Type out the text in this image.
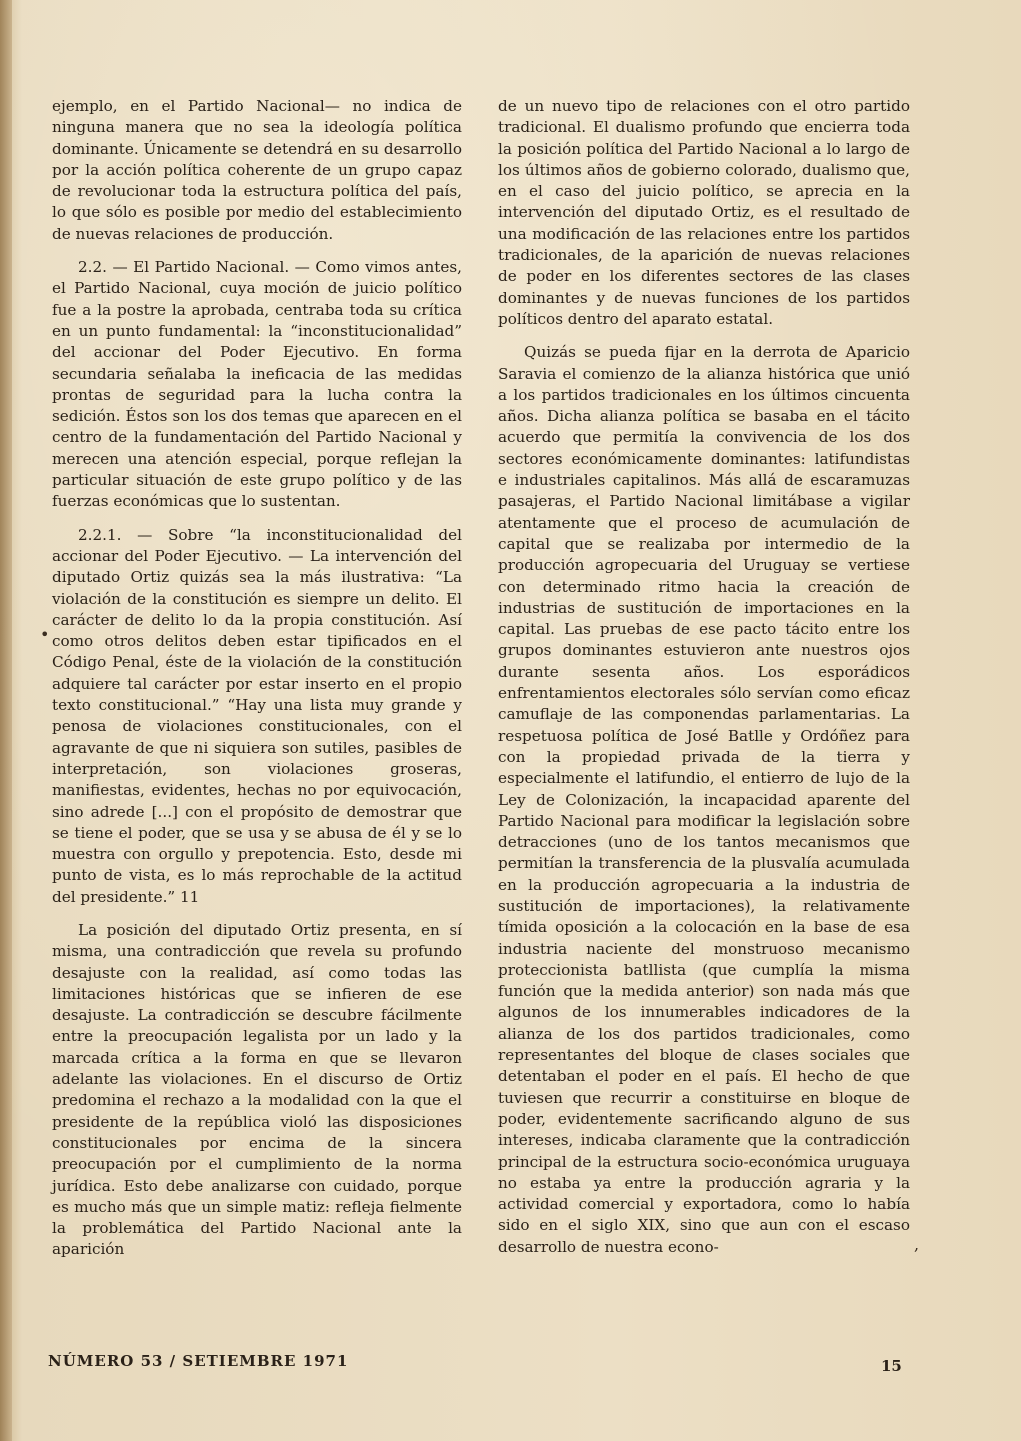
ejemplo, en el Partido Nacional— no indica de ninguna manera que no sea la ideología política dominante. Únicamente se detendrá en su desarrollo por la acción política coherente de un grupo capaz de revolucionar toda la estructura política del país, lo que sólo es posible por medio del establecimiento de nuevas relaciones de producción.

2.2. — El Partido Nacional. — Como vimos antes, el Partido Nacional, cuya moción de juicio político fue a la postre la aprobada, centraba toda su crítica en un punto fundamental: la “inconstitucionalidad” del accionar del Poder Ejecutivo. En forma secundaria señalaba la ineficacia de las medidas prontas de seguridad para la lucha contra la sedición. Éstos son los dos temas que aparecen en el centro de la fundamentación del Partido Nacional y merecen una atención especial, porque reflejan la particular situación de este grupo político y de las fuerzas económicas que lo sustentan.

2.2.1. — Sobre “la inconstitucionalidad del accionar del Poder Ejecutivo. — La intervención del diputado Ortiz quizás sea la más ilustrativa: “La violación de la constitución es siempre un delito. El carácter de delito lo da la propia constitución. Así como otros delitos deben estar tipificados en el Código Penal, éste de la violación de la constitución adquiere tal carácter por estar inserto en el propio texto constitucional.” “Hay una lista muy grande y penosa de violaciones constitucionales, con el agravante de que ni siquiera son sutiles, pasibles de interpretación, son violaciones groseras, manifiestas, evidentes, hechas no por equivocación, sino adrede [...] con el propósito de demostrar que se tiene el poder, que se usa y se abusa de él y se lo muestra con orgullo y prepotencia. Esto, desde mi punto de vista, es lo más reprochable de la actitud del presidente.” 11

La posición del diputado Ortiz presenta, en sí misma, una contradicción que revela su profundo desajuste con la realidad, así como todas las limitaciones históricas que se infieren de ese desajuste. La contradicción se descubre fácilmente entre la preocupación legalista por un lado y la marcada crítica a la forma en que se llevaron adelante las violaciones. En el discurso de Ortiz predomina el rechazo a la modalidad con la que el presidente de la república violó las disposiciones constitucionales por encima de la sincera preocupación por el cumplimiento de la norma jurídica. Esto debe analizarse con cuidado, porque es mucho más que un simple matiz: refleja fielmente la problemática del Partido Nacional ante la aparición

de un nuevo tipo de relaciones con el otro partido tradicional. El dualismo profundo que encierra toda la posición política del Partido Nacional a lo largo de los últimos años de gobierno colorado, dualismo que, en el caso del juicio político, se aprecia en la intervención del diputado Ortiz, es el resultado de una modificación de las relaciones entre los partidos tradicionales, de la aparición de nuevas relaciones de poder en los diferentes sectores de las clases dominantes y de nuevas funciones de los partidos políticos dentro del aparato estatal.

Quizás se pueda fijar en la derrota de Aparicio Saravia el comienzo de la alianza histórica que unió a los partidos tradicionales en los últimos cincuenta años. Dicha alianza política se basaba en el tácito acuerdo que permitía la convivencia de los dos sectores económicamente dominantes: latifundistas e industriales capitalinos. Más allá de escaramuzas pasajeras, el Partido Nacional limitábase a vigilar atentamente que el proceso de acumulación de capital que se realizaba por intermedio de la producción agropecuaria del Uruguay se vertiese con determinado ritmo hacia la creación de industrias de sustitución de importaciones en la capital. Las pruebas de ese pacto tácito entre los grupos dominantes estuvieron ante nuestros ojos durante sesenta años. Los esporádicos enfrentamientos electorales sólo servían como eficaz camuflaje de las componendas parlamentarias. La respetuosa política de José Batlle y Ordóñez para con la propiedad privada de la tierra y especialmente el latifundio, el entierro de lujo de la Ley de Colonización, la incapacidad aparente del Partido Nacional para modificar la legislación sobre detracciones (uno de los tantos mecanismos que permitían la transferencia de la plusvalía acumulada en la producción agropecuaria a la industria de sustitución de importaciones), la relativamente tímida oposición a la colocación en la base de esa industria naciente del monstruoso mecanismo proteccionista batllista (que cumplía la misma función que la medida anterior) son nada más que algunos de los innumerables indicadores de la alianza de los dos partidos tradicionales, como representantes del bloque de clases sociales que detentaban el poder en el país. El hecho de que tuviesen que recurrir a constituirse en bloque de poder, evidentemente sacrificando alguno de sus intereses, indicaba claramente que la contradicción principal de la estructura socio-económica uruguaya no estaba ya entre la producción agraria y la actividad comercial y exportadora, como lo había sido en el siglo XIX, sino que aun con el escaso desarrollo de nuestra econo-

•
,
NÚMERO 53 / SETIEMBRE 1971	15
